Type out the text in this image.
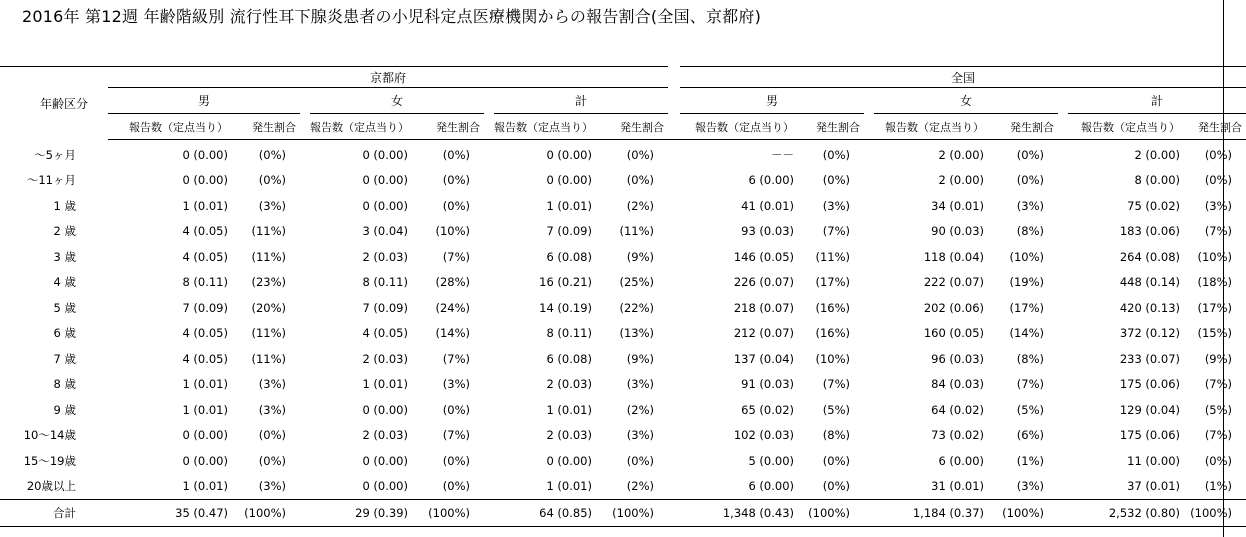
2016年 第12週 年齢階級別 流行性耳下腺炎患者の小児科定点医療機関からの報告割合(全国、京都府)
年齢区分	京都府									全国							
	男			女			計			男			女			計	
	報告数（定点当り）	発生割合		報告数（定点当り）	発生割合		報告数（定点当り）	発生割合		報告数（定点当り）	発生割合		報告数（定点当り）	発生割合		報告数（定点当り）	発生割合
～5ヶ月	0 (0.00)	(0%)		0 (0.00)	(0%)		0 (0.00)	(0%)		－－	(0%)		2 (0.00)	(0%)		2 (0.00)	(0%)
～11ヶ月	0 (0.00)	(0%)		0 (0.00)	(0%)		0 (0.00)	(0%)		6 (0.00)	(0%)		2 (0.00)	(0%)		8 (0.00)	(0%)
1 歳	1 (0.01)	(3%)		0 (0.00)	(0%)		1 (0.01)	(2%)		41 (0.01)	(3%)		34 (0.01)	(3%)		75 (0.02)	(3%)
2 歳	4 (0.05)	(11%)		3 (0.04)	(10%)		7 (0.09)	(11%)		93 (0.03)	(7%)		90 (0.03)	(8%)		183 (0.06)	(7%)
3 歳	4 (0.05)	(11%)		2 (0.03)	(7%)		6 (0.08)	(9%)		146 (0.05)	(11%)		118 (0.04)	(10%)		264 (0.08)	(10%)
4 歳	8 (0.11)	(23%)		8 (0.11)	(28%)		16 (0.21)	(25%)		226 (0.07)	(17%)		222 (0.07)	(19%)		448 (0.14)	(18%)
5 歳	7 (0.09)	(20%)		7 (0.09)	(24%)		14 (0.19)	(22%)		218 (0.07)	(16%)		202 (0.06)	(17%)		420 (0.13)	(17%)
6 歳	4 (0.05)	(11%)		4 (0.05)	(14%)		8 (0.11)	(13%)		212 (0.07)	(16%)		160 (0.05)	(14%)		372 (0.12)	(15%)
7 歳	4 (0.05)	(11%)		2 (0.03)	(7%)		6 (0.08)	(9%)		137 (0.04)	(10%)		96 (0.03)	(8%)		233 (0.07)	(9%)
8 歳	1 (0.01)	(3%)		1 (0.01)	(3%)		2 (0.03)	(3%)		91 (0.03)	(7%)		84 (0.03)	(7%)		175 (0.06)	(7%)
9 歳	1 (0.01)	(3%)		0 (0.00)	(0%)		1 (0.01)	(2%)		65 (0.02)	(5%)		64 (0.02)	(5%)		129 (0.04)	(5%)
10～14歳	0 (0.00)	(0%)		2 (0.03)	(7%)		2 (0.03)	(3%)		102 (0.03)	(8%)		73 (0.02)	(6%)		175 (0.06)	(7%)
15～19歳	0 (0.00)	(0%)		0 (0.00)	(0%)		0 (0.00)	(0%)		5 (0.00)	(0%)		6 (0.00)	(1%)		11 (0.00)	(0%)
20歳以上	1 (0.01)	(3%)		0 (0.00)	(0%)		1 (0.01)	(2%)		6 (0.00)	(0%)		31 (0.01)	(3%)		37 (0.01)	(1%)
合計	35 (0.47)	(100%)		29 (0.39)	(100%)		64 (0.85)	(100%)		1,348 (0.43)	(100%)		1,184 (0.37)	(100%)		2,532 (0.80)	(100%)
